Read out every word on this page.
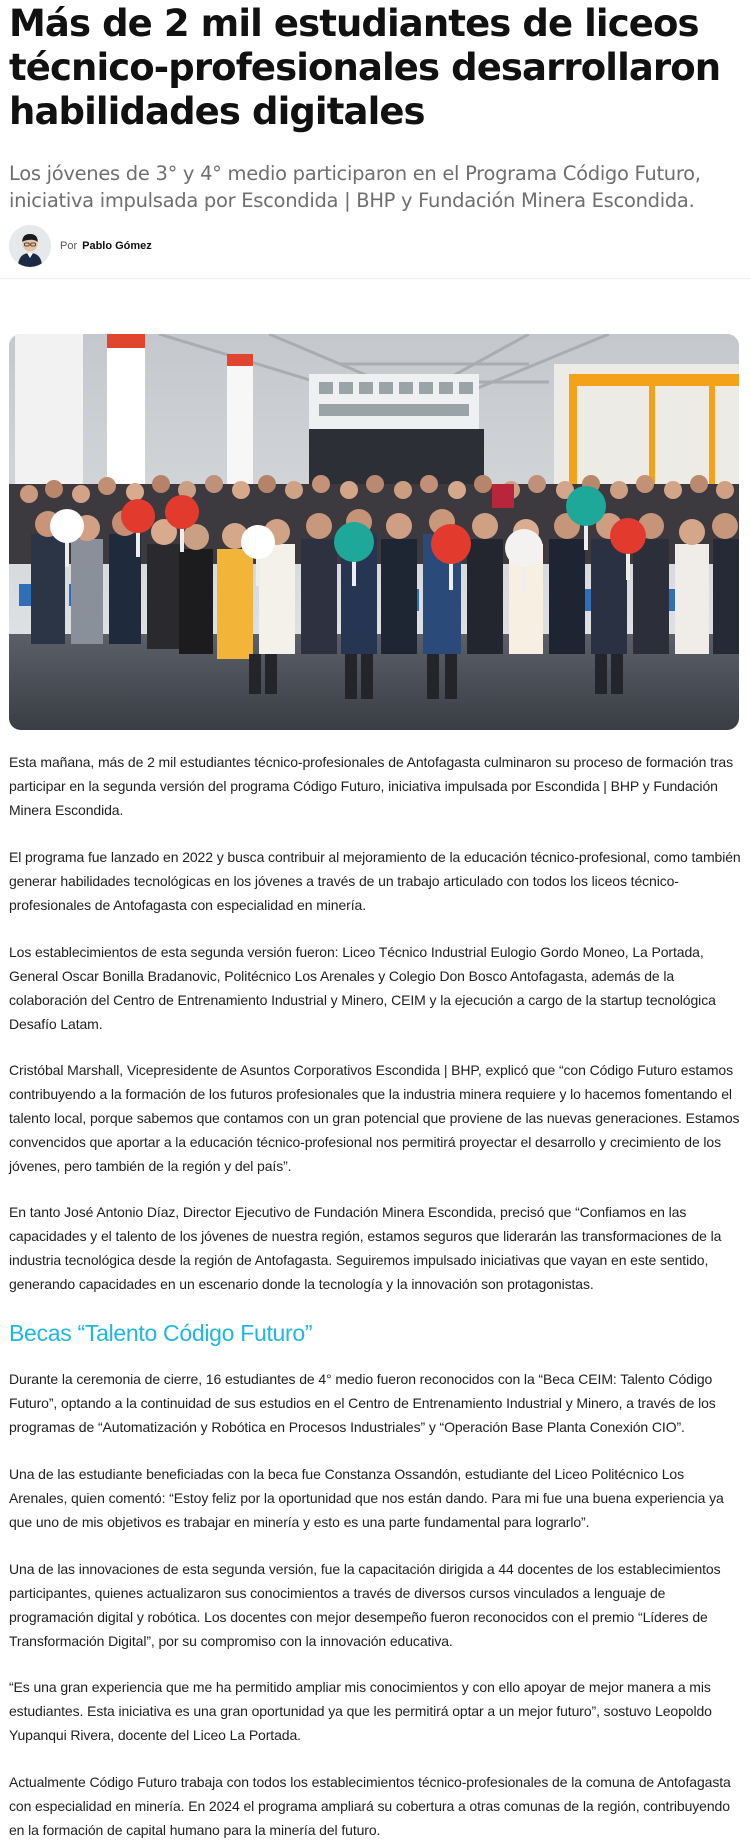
Más de 2 mil estudiantes de liceos técnico-profesionales desarrollaron habilidades digitales

Los jóvenes de 3° y 4° medio participaron en el Programa Código Futuro, iniciativa impulsada por Escondida | BHP y Fundación Minera Escondida.

Por Pablo Gómez

Esta mañana, más de 2 mil estudiantes técnico-profesionales de Antofagasta culminaron su proceso de formación tras participar en la segunda versión del programa Código Futuro, iniciativa impulsada por Escondida | BHP y Fundación Minera Escondida.

El programa fue lanzado en 2022 y busca contribuir al mejoramiento de la educación técnico-profesional, como también generar habilidades tecnológicas en los jóvenes a través de un trabajo articulado con todos los liceos técnico-profesionales de Antofagasta con especialidad en minería.

Los establecimientos de esta segunda versión fueron: Liceo Técnico Industrial Eulogio Gordo Moneo, La Portada, General Oscar Bonilla Bradanovic, Politécnico Los Arenales y Colegio Don Bosco Antofagasta, además de la colaboración del Centro de Entrenamiento Industrial y Minero, CEIM y la ejecución a cargo de la startup tecnológica Desafío Latam.

Cristóbal Marshall, Vicepresidente de Asuntos Corporativos Escondida | BHP, explicó que “con Código Futuro estamos contribuyendo a la formación de los futuros profesionales que la industria minera requiere y lo hacemos fomentando el talento local, porque sabemos que contamos con un gran potencial que proviene de las nuevas generaciones. Estamos convencidos que aportar a la educación técnico-profesional nos permitirá proyectar el desarrollo y crecimiento de los jóvenes, pero también de la región y del país”.

En tanto José Antonio Díaz, Director Ejecutivo de Fundación Minera Escondida, precisó que “Confiamos en las capacidades y el talento de los jóvenes de nuestra región, estamos seguros que liderarán las transformaciones de la industria tecnológica desde la región de Antofagasta. Seguiremos impulsado iniciativas que vayan en este sentido, generando capacidades en un escenario donde la tecnología y la innovación son protagonistas.

Becas “Talento Código Futuro”

Durante la ceremonia de cierre, 16 estudiantes de 4° medio fueron reconocidos con la “Beca CEIM: Talento Código Futuro”, optando a la continuidad de sus estudios en el Centro de Entrenamiento Industrial y Minero, a través de los programas de “Automatización y Robótica en Procesos Industriales” y “Operación Base Planta Conexión CIO”.

Una de las estudiante beneficiadas con la beca fue Constanza Ossandón, estudiante del Liceo Politécnico Los Arenales, quien comentó: “Estoy feliz por la oportunidad que nos están dando. Para mi fue una buena experiencia ya que uno de mis objetivos es trabajar en minería y esto es una parte fundamental para lograrlo”.

Una de las innovaciones de esta segunda versión, fue la capacitación dirigida a 44 docentes de los establecimientos participantes, quienes actualizaron sus conocimientos a través de diversos cursos vinculados a lenguaje de programación digital y robótica. Los docentes con mejor desempeño fueron reconocidos con el premio “Líderes de Transformación Digital”, por su compromiso con la innovación educativa.

“Es una gran experiencia que me ha permitido ampliar mis conocimientos y con ello apoyar de mejor manera a mis estudiantes. Esta iniciativa es una gran oportunidad ya que les permitirá optar a un mejor futuro”, sostuvo Leopoldo Yupanqui Rivera, docente del Liceo La Portada.

Actualmente Código Futuro trabaja con todos los establecimientos técnico-profesionales de la comuna de Antofagasta con especialidad en minería. En 2024 el programa ampliará su cobertura a otras comunas de la región, contribuyendo en la formación de capital humano para la minería del futuro.
